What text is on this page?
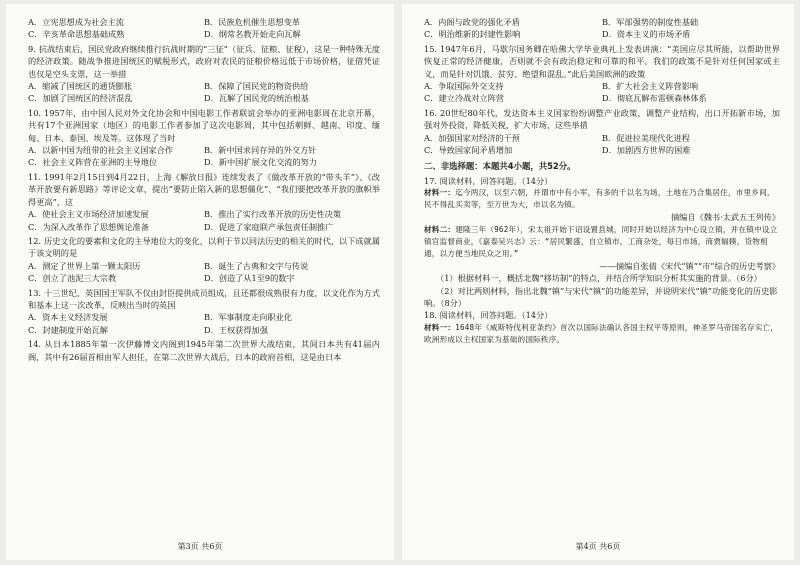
A．立宪思想成为社会主流	B．民族危机催生思想变革
C．辛亥革命思想基础成熟	D．纲常名教开始走向瓦解
9. 抗战结束后，国民党政府继续推行抗战时期的“三征”（征兵、征粮、征税），这是一种特殊无度的经济政策。随战争推进国统区的赋税形式，政府对农民的征粮价格远低于市场价格，征借凭证也仅是空头支票，这一举措
A．缩减了国统区的通货膨胀	B．保障了国民党的物资供给
C．加剧了国统区的经济混乱	D．瓦解了国民党的统治根基
10. 1957年，由中国人民对外文化协会和中国电影工作者联谊会举办的亚洲电影周在北京开幕，共有17个亚洲国家（地区）的电影工作者参加了这次电影周，其中包括朝鲜、越南、印度、缅甸、日本、泰国、埃及等。这体现了当时
A．以新中国为纽带的社会主义国家合作	B．新中国求同存异的外交方针
C．社会主义阵营在亚洲的主导地位	D．新中国扩展文化交流的努力
11. 1991年2月15日到4月22日，上海《解放日报》连续发表了《做改革开放的“带头羊”》、《改革开放要有新思路》等评论文章，提出“要防止陷入新的思想僵化”、“我们要把改革开放的旗帜举得更高”，这
A．使社会主义市场经济加速发展	B．推出了实行改革开放的历史性决策
C．为深入改革作了思想舆论准备	D．促进了家庭联产承包责任制推广
12. 历史文化的要素和文化的主导地位大的变化，以利于节以同法历史的相关的时代，以下成就属于该文明的是
A．测定了世界上第一颗太阳历	B．诞生了古典和文字与传说
C．创立了池泥三大宗教	D．创造了从1至9的数字
13. 十三世纪，英国国王军队不仅由封臣提供成员组成，且还都很成熟很有力度，以文化作为方式和基本上这一次改革，反映出当时的英国
A．资本主义经济发展	B．军事制度走向职业化
C．封建制度开始瓦解	D．王权获得加强
14. 从日本1885年第一次伊藤博文内阁到1945年第二次世界大战结束，其间日本共有41届内阁，其中有26届首相由军人担任，在第二次世界大战后，日本的政府首相，这是由日本
第3页 共6页
A．内阁与政党的强化矛盾	B．军部强势的制度性基础
C．明治维新的封建性影响	D．资本主义的市场矛盾
15. 1947年6月，马歇尔国务卿在哈佛大学毕业典礼上发表讲演：“美国应尽其所能，以帮助世界恢复正常的经济健康，否则就不会有政治稳定和可靠的和平。我们的政策不是针对任何国家或主义，而是针对饥饿、贫穷、绝望和混乱。”此后美国欧洲的政策
A．争取国际外交支持	B．扩大社会主义阵营影响
C．建立冷战对立阵营	D．彻底瓦解布雷顿森林体系
16. 20世纪80年代，发达资本主义国家纷纷调整产业政策，调整产业结构，出口开拓新市场，加强对外投资，降低关税，扩大市场，这些举措
A．加强国家对经济的干预	B．促进拉美现代化进程
C．导致国家间矛盾增加	D．加剧西方世界的困难
二、非选择题：本题共4小题，共52分。
17. 阅读材料，回答问题。（14分）
材料一：迄今两汉，以至六朝，并谓市中有小军，有多的千以名为场，土地在乃合集居住，市里乡间，民不得乱买卖等，至万世为大，市以名为镇。
摘编自《魏书·太武五王列传》
材料二：建隆三年（962年），宋太祖开始下诏设置县城，同时开始以经济为中心设立镇，并在镇中设立镇官监督商业，《嘉泰吴兴志》云：“居民繁盛，自立镇市，工商杂处，每日市场，商贾辐辏，货物相通，以方便当地民众之用。”
——摘编自张倩《宋代“镇”“市”综合的历史考察》
（1）根据材料一，概括北魏“移坊制”的特点，并结合所学知识分析其实施的背景。（6分）
（2）对比两则材料，指出北魏“镇”与宋代“镇”的功能差异，并说明宋代“镇”功能变化的历史影响。（8分）
18. 阅读材料，回答问题。（14分）
材料一：1648年《威斯特伐利亚条约》首次以国际法确认各国主权平等原则，神圣罗马帝国名存实亡，欧洲形成以主权国家为基础的国际秩序。
第4页 共6页
